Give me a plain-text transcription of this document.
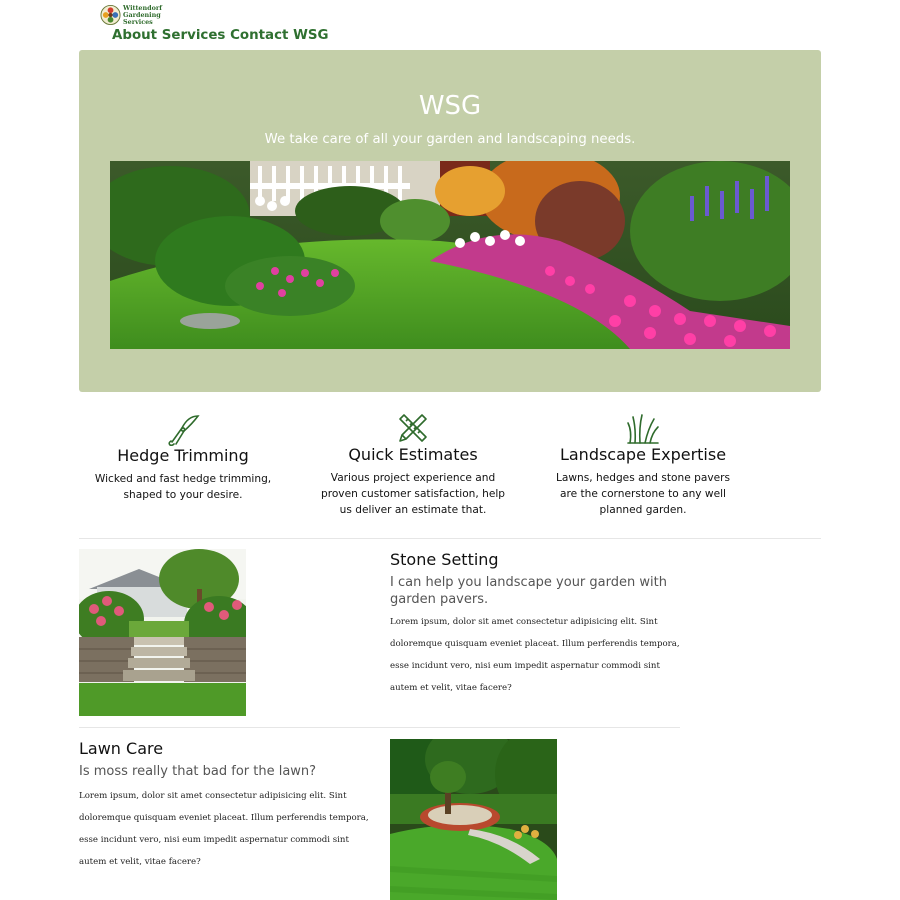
Wittendorf
Gardening
Services
About Services Contact WSG
WSG

We take care of all your garden and landscaping needs.

Hedge Trimming

Wicked and fast hedge trimming, shaped to your desire.

Quick Estimates

Various project experience and proven customer satisfaction, help us deliver an estimate that.

Landscape Expertise

Lawns, hedges and stone pavers are the cornerstone to any well planned garden.

Stone Setting

I can help you landscape your garden with garden pavers.

Lorem ipsum, dolor sit amet consectetur adipisicing elit. Sint doloremque quisquam eveniet placeat. Illum perferendis tempora, esse incidunt vero, nisi eum impedit aspernatur commodi sint autem et velit, vitae facere?

Lawn Care

Is moss really that bad for the lawn?

Lorem ipsum, dolor sit amet consectetur adipisicing elit. Sint doloremque quisquam eveniet placeat. Illum perferendis tempora, esse incidunt vero, nisi eum impedit aspernatur commodi sint autem et velit, vitae facere?
